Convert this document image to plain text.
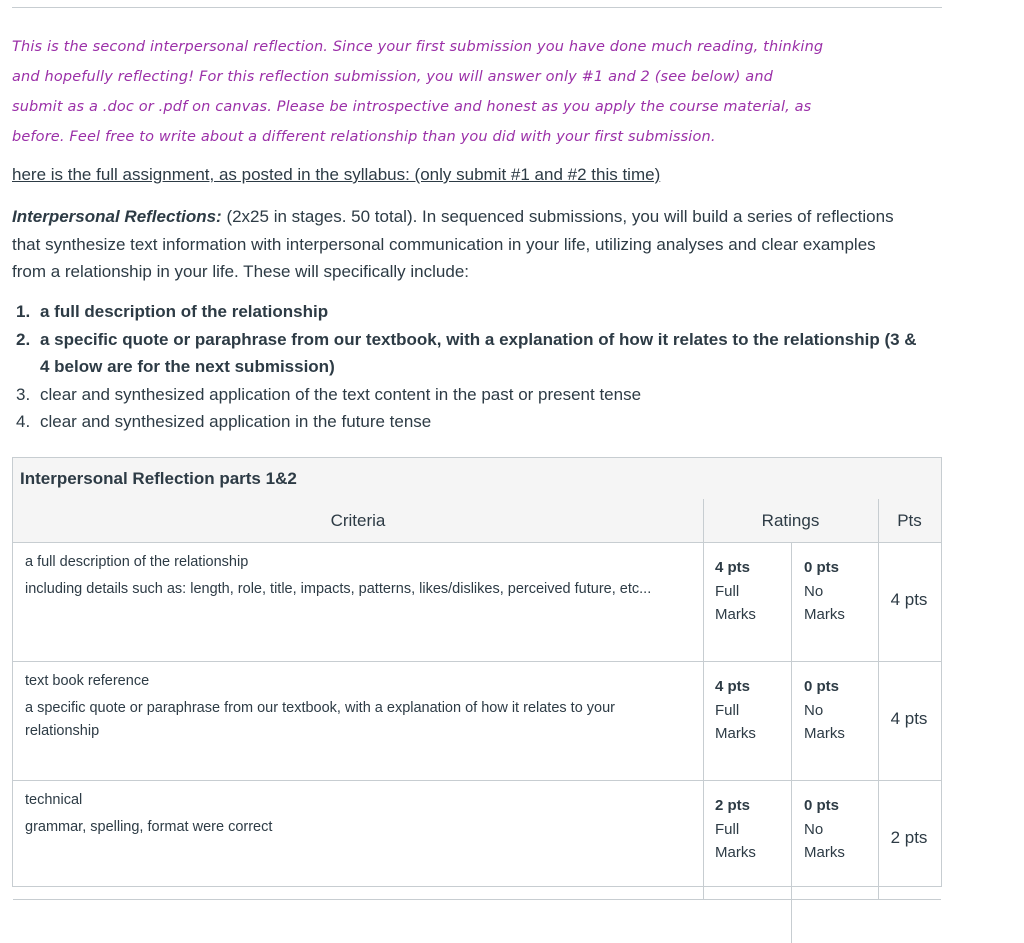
This is the second interpersonal reflection. Since your first submission you have done much reading, thinking
and hopefully reflecting! For this reflection submission, you will answer only #1 and 2 (see below) and
submit as a .doc or .pdf on canvas. Please be introspective and honest as you apply the course material, as
before. Feel free to write about a different relationship than you did with your first submission.
here is the full assignment, as posted in the syllabus: (only submit #1 and #2 this time)
Interpersonal Reflections: (2x25 in stages. 50 total). In sequenced submissions, you will build a series of reflections
that synthesize text information with interpersonal communication in your life, utilizing analyses and clear examples
from a relationship in your life. These will specifically include:
1. a full description of the relationship
2. a specific quote or paraphrase from our textbook, with a explanation of how it relates to the relationship (3 &
4 below are for the next submission)
3. clear and synthesized application of the text content in the past or present tense
4. clear and synthesized application in the future tense
Interpersonal Reflection parts 1&2
Criteria	Ratings	Pts
a full description of the relationship
including details such as: length, role, title, impacts, patterns, likes/dislikes, perceived future, etc...
4 pts
Full
Marks
0 pts
No
Marks
4 pts
text book reference
a specific quote or paraphrase from our textbook, with a explanation of how it relates to your relationship
4 pts
Full
Marks
0 pts
No
Marks
4 pts
technical
grammar, spelling, format were correct
2 pts
Full
Marks
0 pts
No
Marks
2 pts
